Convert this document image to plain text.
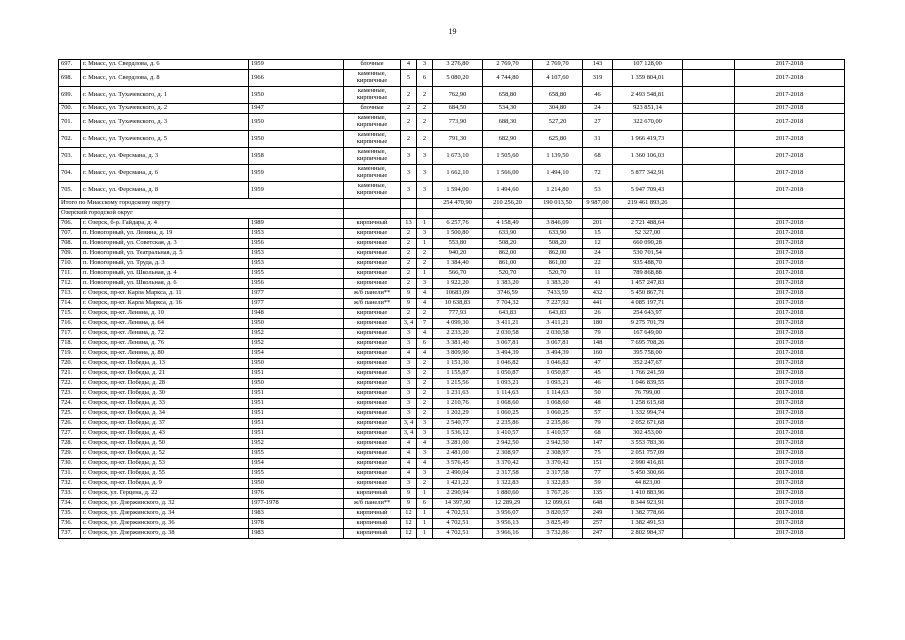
19
697.	г. Миасс, ул. Свердлова, д. 6	1959	блочные	4	3	3 276,80	2 769,70	2 769,70	143	107 128,00		2017-2018
698.	г. Миасс, ул. Свердлова, д. 8	1966	каменные, кирпичные	5	6	5 080,20	4 744,80	4 107,60	319	1 359 804,01		2017-2018
699.	г. Миасс, ул. Тухачевского, д. 1	1950	каменные, кирпичные	2	2	762,90	658,80	658,80	46	2 493 548,81		2017-2018
700.	г. Миасс, ул. Тухачевского, д. 2	1947	блочные	2	2	684,50	534,30	304,80	24	923 851,14		2017-2018
701.	г. Миасс, ул. Тухачевского, д. 3	1950	каменные, кирпичные	2	2	773,90	688,30	527,20	27	322 670,00		2017-2018
702.	г. Миасс, ул. Тухачевского, д. 5	1950	каменные, кирпичные	2	2	791,30	682,90	625,80	31	1 966 419,73		2017-2018
703.	г. Миасс, ул. Ферсмана, д. 3	1958	каменные, кирпичные	3	3	1 673,10	1 505,60	1 139,50	68	1 360 106,03		2017-2018
704.	г. Миасс, ул. Ферсмана, д. 6	1959	каменные, кирпичные	3	3	1 662,10	1 566,00	1 494,10	72	5 877 342,91		2017-2018
705.	г. Миасс, ул. Ферсмана, д. 8	1959	каменные, кирпичные	3	3	1 594,00	1 494,60	1 214,80	53	5 947 709,43		2017-2018
Итого по Миасскому городскому округу						254 470,90	210 256,20	190 013,50	9 987,00	219 461 893,26		
Озерский городской округ												
706.	г. Озерск, б-р. Гайдара, д. 4	1989	кирпичный	13	1	6 257,76	4 158,49	3 846,09	201	2 721 488,64		2017-2018
707.	п. Новогорный, ул. Ленина, д. 19	1953	кирпичные	2	3	1 500,80	633,90	633,90	15	52 327,00		2017-2018
708.	п. Новогорный, ул. Советская, д. 3	1956	кирпичные	2	1	553,80	508,20	508,20	12	660 090,28		2017-2018
709.	п. Новогорный, ул. Театральная, д. 5	1953	кирпичные	2	2	940,20	862,00	862,00	24	530 701,54		2017-2018
710.	п. Новогорный, ул. Труда, д. 3	1953	кирпичные	2	2	1 384,40	861,00	861,00	22	935 488,70		2017-2018
711.	п. Новогорный, ул. Школьная, д. 4	1955	кирпичные	2	1	566,70	520,70	520,70	11	789 868,88		2017-2018
712.	п. Новогорный, ул. Школьная, д. 6	1956	кирпичные	2	3	1 922,20	1 383,20	1 383,20	41	1 457 247,83		2017-2018
713.	г. Озерск, пр-кт. Карла Маркса, д. 11	1977	ж/б панели**	9	4	10683,09	3746,59	7433,59	432	5 450 867,71		2017-2018
714.	г. Озерск, пр-кт. Карла Маркса, д. 16	1977	ж/б панели**	9	4	10 638,83	7 704,32	7 227,92	441	4 085 197,71		2017-2018
715.	г. Озерск, пр-кт. Ленина, д. 10	1948	кирпичные	2	2	777,93	643,83	643,83	26	254 643,97		2017-2018
716.	г. Озерск, пр-кт. Ленина, д. 64	1950	кирпичные	3, 4	7	4 099,30	3 411,21	3 411,21	180	9 275 701,79		2017-2018
717.	г. Озерск, пр-кт. Ленина, д. 72	1952	кирпичные	3	4	2 233,20	2 030,58	2 030,58	79	167 649,00		2017-2018
718.	г. Озерск, пр-кт. Ленина, д. 76	1952	кирпичные	3	6	3 381,40	3 067,81	3 067,81	148	7 695 708,26		2017-2018
719.	г. Озерск, пр-кт. Ленина, д. 80	1954	кирпичные	4	4	3 809,90	3 494,39	3 494,39	160	395 758,00		2017-2018
720.	г. Озерск, пр-кт. Победы, д. 13	1950	кирпичные	3	2	1 151,30	1 046,82	1 046,82	47	352 247,67		2017-2018
721.	г. Озерск, пр-кт. Победы, д. 21	1951	кирпичные	3	2	1 155,87	1 050,87	1 050,87	45	1 766 241,59		2017-2018
722.	г. Озерск, пр-кт. Победы, д. 28	1950	кирпичные	3	2	1 215,56	1 093,21	1 093,21	46	1 046 839,55		2017-2018
723.	г. Озерск, пр-кт. Победы, д. 30	1951	кирпичные	3	2	1 231,63	1 114,63	1 114,63	50	76 799,00		2017-2018
724.	г. Озерск, пр-кт. Победы, д. 33	1951	кирпичные	3	2	1 210,76	1 068,60	1 068,60	48	1 258 615,68		2017-2018
725.	г. Озерск, пр-кт. Победы, д. 34	1951	кирпичные	3	2	1 202,29	1 060,25	1 060,25	57	1 332 994,74		2017-2018
726.	г. Озерск, пр-кт. Победы, д. 37	1951	кирпичные	3, 4	3	2 540,77	2 235,86	2 235,86	79	2 052 671,68		2017-2018
727.	г. Озерск, пр-кт. Победы, д. 43	1951	кирпичные	3, 4	3	1 536,12	1 410,57	1 410,57	68	302 453,00		2017-2018
728.	г. Озерск, пр-кт. Победы, д. 50	1952	кирпичные	4	4	3 281,00	2 942,50	2 942,50	147	3 553 783,36		2017-2018
729.	г. Озерск, пр-кт. Победы, д. 52	1955	кирпичные	4	3	2 481,00	2 308,97	2 308,97	75	2 051 757,09		2017-2018
730.	г. Озерск, пр-кт. Победы, д. 53	1954	кирпичные	4	4	3 576,45	3 370,42	3 370,42	151	2 990 416,81		2017-2018
731.	г. Озерск, пр-кт. Победы, д. 55	1955	кирпичные	4	3	2 490,04	2 317,58	2 317,58	77	5 450 300,66		2017-2018
732.	г. Озерск, пр-кт. Победы, д. 9	1950	кирпичные	3	2	1 421,22	1 322,83	1 322,83	59	44 823,00		2017-2018
733.	г. Озерск, ул. Герцена, д. 22	1976	кирпичный	9	1	2 290,94	1 880,60	1 767,26	135	1 410 883,96		2017-2018
734.	г. Озерск, ул. Дзержинского, д. 32	1977-1978	ж/б панели**	9	6	14 397,90	12 289,29	12 099,61	648	8 344 923,91		2017-2018
735.	г. Озерск, ул. Дзержинского, д. 34	1983	кирпичный	12	1	4 702,51	3 956,07	3 820,57	249	1 382 778,66		2017-2018
736.	г. Озерск, ул. Дзержинского, д. 36	1978	кирпичный	12	1	4 702,51	3 956,13	3 825,49	257	1 382 491,53		2017-2018
737.	г. Озерск, ул. Дзержинского, д. 38	1983	кирпичный	12	1	4 702,51	3 966,16	3 732,86	247	2 802 984,37		2017-2018
